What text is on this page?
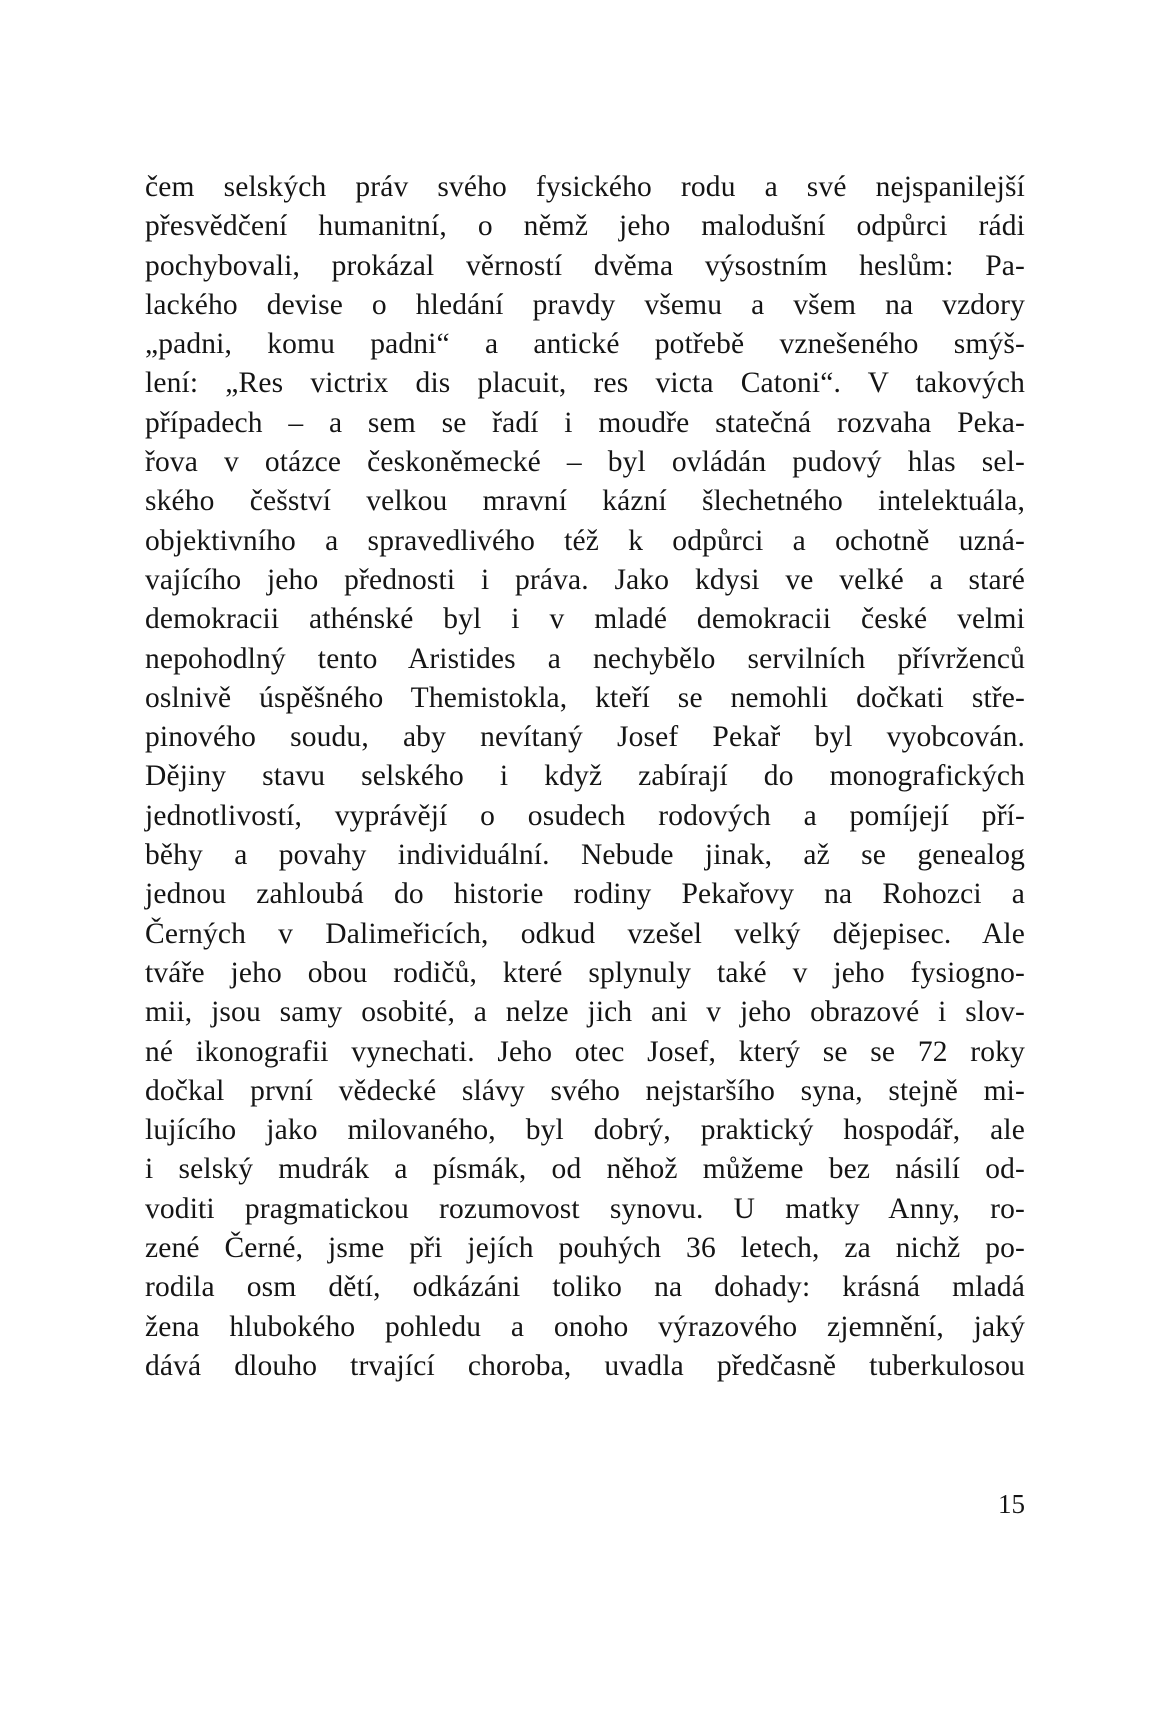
čem selských práv svého fysického rodu a své nejspanilejší
přesvědčení humanitní, o němž jeho malodušní odpůrci rádi
pochybovali, prokázal věrností dvěma výsostním heslům: Pa-
lackého devise o hledání pravdy všemu a všem na vzdory
„padni, komu padni“ a antické potřebě vznešeného smýš-
lení: „Res victrix dis placuit, res victa Catoni“. V takových
případech – a sem se řadí i moudře statečná rozvaha Peka-
řova v otázce českoněmecké – byl ovládán pudový hlas sel-
ského češství velkou mravní kázní šlechetného intelektuála,
objektivního a spravedlivého též k odpůrci a ochotně uzná-
vajícího jeho přednosti i práva. Jako kdysi ve velké a staré
demokracii athénské byl i v mladé demokracii české velmi
nepohodlný tento Aristides a nechybělo servilních přívrženců
oslnivě úspěšného Themistokla, kteří se nemohli dočkati stře-
pinového soudu, aby nevítaný Josef Pekař byl vyobcován.
Dějiny stavu selského i když zabírají do monografických
jednotlivostí, vyprávějí o osudech rodových a pomíjejí pří-
běhy a povahy individuální. Nebude jinak, až se genealog
jednou zahloubá do historie rodiny Pekařovy na Rohozci a
Černých v Dalimeřicích, odkud vzešel velký dějepisec. Ale
tváře jeho obou rodičů, které splynuly také v jeho fysiogno-
mii, jsou samy osobité, a nelze jich ani v jeho obrazové i slov-
né ikonografii vynechati. Jeho otec Josef, který se se 72 roky
dočkal první vědecké slávy svého nejstaršího syna, stejně mi-
lujícího jako milovaného, byl dobrý, praktický hospodář, ale
i selský mudrák a písmák, od něhož můžeme bez násilí od-
voditi pragmatickou rozumovost synovu. U matky Anny, ro-
zené Černé, jsme při jejích pouhých 36 letech, za nichž po-
rodila osm dětí, odkázáni toliko na dohady: krásná mladá
žena hlubokého pohledu a onoho výrazového zjemnění, jaký
dává dlouho trvající choroba, uvadla předčasně tuberkulosou
15
